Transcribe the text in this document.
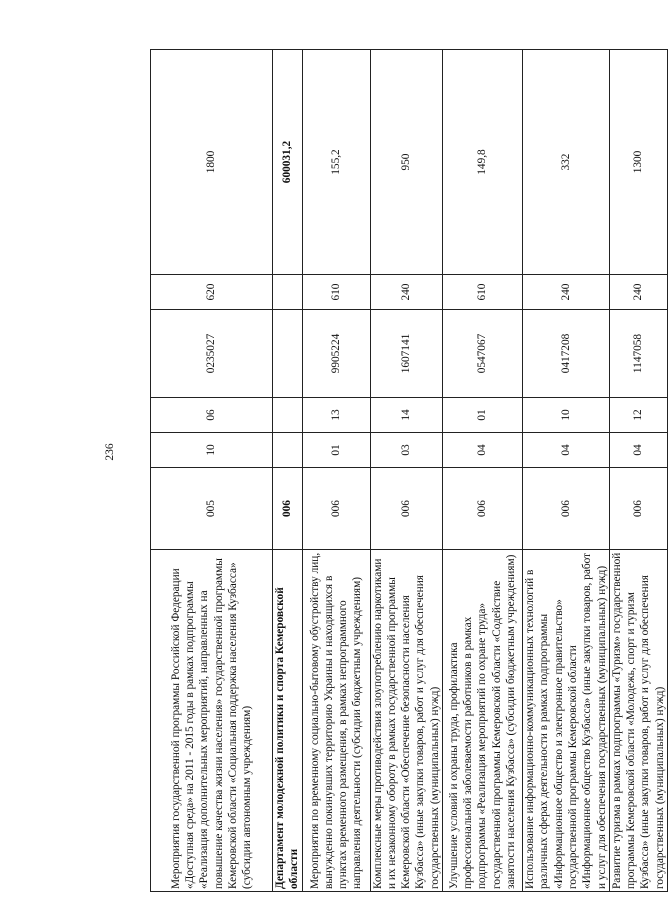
236
Мероприятия государственной программы Российской Федерации «Доступная среда» на 2011 - 2015 годы в рамках подпрограммы «Реализация дополнительных мероприятий, направленных на повышение качества жизни населения» государственной программы Кемеровской области «Социальная поддержка населения Кузбасса» (субсидии автономным учреждениям)	005	10	06	0235027	620	1800
Департамент молодежной политики и спорта Кемеровской области	006					600031,2
Мероприятия по временному социально-бытовому обустройству лиц, вынужденно покинувших территорию Украины и находящихся в пунктах временного размещения, в рамках непрограммного направления деятельности (субсидии бюджетным учреждениям)	006	01	13	9905224	610	155,2
Комплексные меры противодействия злоупотреблению наркотиками и их незаконному обороту в рамках государственной программы Кемеровской области «Обеспечение безопасности населения Кузбасса» (иные закупки товаров, работ и услуг для обеспечения государственных (муниципальных) нужд)	006	03	14	1607141	240	950
Улучшение условий и охраны труда, профилактика профессиональной заболеваемости работников в рамках подпрограммы «Реализация мероприятий по охране труда» государственной программы Кемеровской области «Содействие занятости населения Кузбасса» (субсидии бюджетным учреждениям)	006	04	01	0547067	610	149,8
Использование информационно-коммуникационных технологий в различных сферах деятельности в рамках подпрограммы «Информационное общество и электронное правительство» государственной программы Кемеровской области «Информационное общество Кузбасса» (иные закупки товаров, работ и услуг для обеспечения государственных (муниципальных) нужд)	006	04	10	0417208	240	332
Развитие туризма в рамках подпрограммы «Туризм» государственной программы Кемеровской области «Молодежь, спорт и туризм Кузбасса» (иные закупки товаров, работ и услуг для обеспечения государственных (муниципальных) нужд)	006	04	12	1147058	240	1300
